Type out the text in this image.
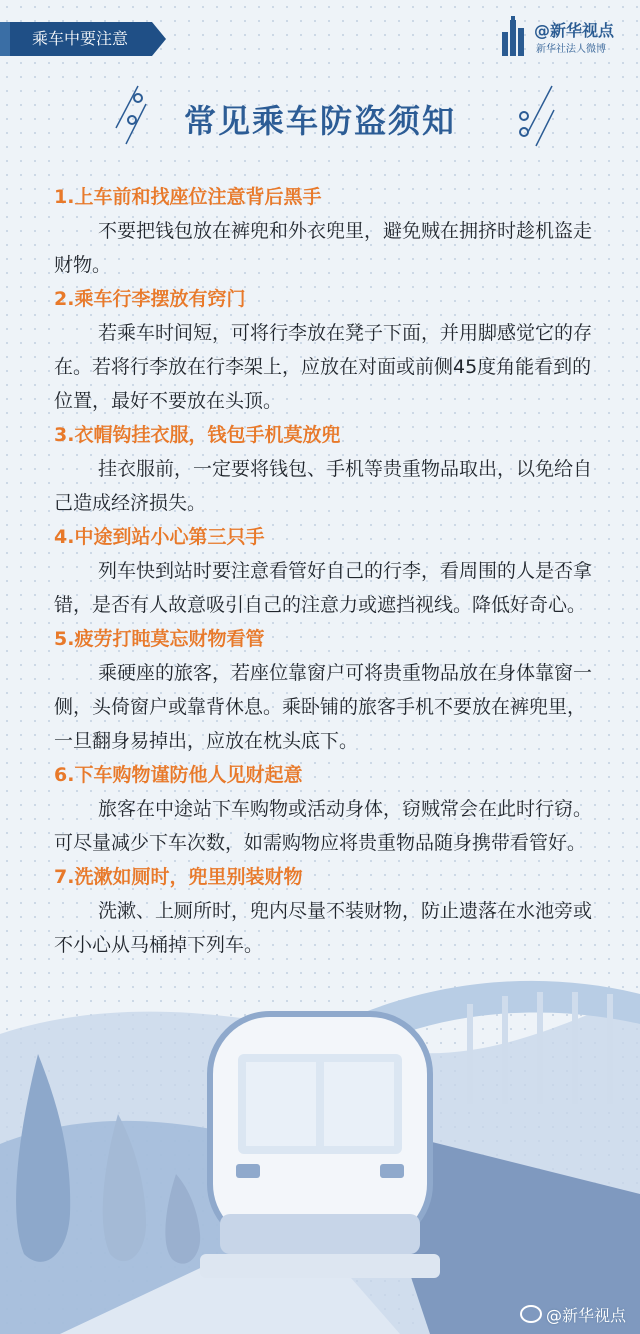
乘车中要注意	@新华视点
新华社法人微博
常见乘车防盗须知
1.上车前和找座位注意背后黑手
不要把钱包放在裤兜和外衣兜里，避免贼在拥挤时趁机盗走财物。
2.乘车行李摆放有窍门
若乘车时间短，可将行李放在凳子下面，并用脚感觉它的存在。若将行李放在行李架上，应放在对面或前侧45度角能看到的位置，最好不要放在头顶。
3.衣帽钩挂衣服，钱包手机莫放兜
挂衣服前，一定要将钱包、手机等贵重物品取出，以免给自己造成经济损失。
4.中途到站小心第三只手
列车快到站时要注意看管好自己的行李，看周围的人是否拿错，是否有人故意吸引自己的注意力或遮挡视线。降低好奇心。
5.疲劳打盹莫忘财物看管
乘硬座的旅客，若座位靠窗户可将贵重物品放在身体靠窗一侧，头倚窗户或靠背休息。乘卧铺的旅客手机不要放在裤兜里，一旦翻身易掉出，应放在枕头底下。
6.下车购物谨防他人见财起意
旅客在中途站下车购物或活动身体，窃贼常会在此时行窃。可尽量减少下车次数，如需购物应将贵重物品随身携带看管好。
7.洗漱如厕时，兜里别装财物
洗漱、上厕所时，兜内尽量不装财物，防止遗落在水池旁或不小心从马桶掉下列车。
@新华视点
